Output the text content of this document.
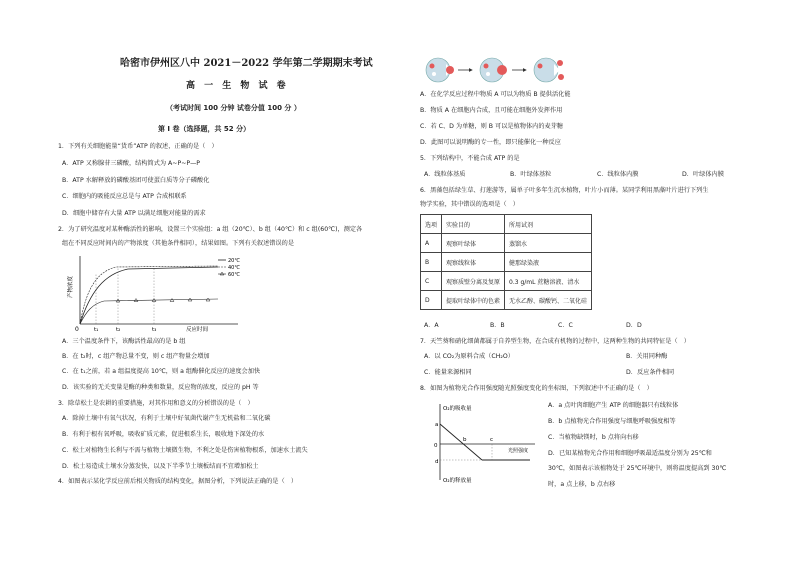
哈密市伊州区八中 2021－2022 学年第二学期期末考试
高 一 生 物 试 卷
（考试时间 100 分钟 试卷分值 100 分 ）
第 I 卷（选择题，共 52 分）
1．下列有关细胞能量“货币”ATP 的叙述，正确的是（　）
A．ATP 又称腺苷三磷酸，结构简式为 A~P~P—P
B．ATP 水解释放的磷酸基团可使蛋白质等分子磷酸化
C．细胞内的吸能反应总是与 ATP 合成相联系
D．细胞中储存有大量 ATP 以满足细胞对能量的需求
2．为了研究温度对某种酶活性的影响，设置三个实验组：a 组（20℃）、b 组（40℃）和 c 组(60℃)，测定各
组在不同反应时间内的产物浓度（其他条件相同），结果如图。下列有关叙述错误的是
产物浓度
0	t₁	t₂	t₃	反应时间
20℃
40℃
60℃
A．三个温度条件下，该酶活性最高的是 b 组
B．在 t₂时，c 组产物总量不变，则 c 组产物量会增加
C．在 t₁之前，若 a 组温度提高 10℃，则 a 组酶催化反应的速度会加快
D．该实验的无关变量是酶的种类和数量，反应物的浓度，反应的 pH 等
3．除草松土是农耕的重要措施，对其作用和意义的分析错误的是（　）
A．除掉土壤中有氧气状况，有利于土壤中好氧菌代谢产生无机盐和二氧化碳
B．有利于根有氧呼吸，吸收矿质元素，促进根系生长，吸收地下深处的水
C．松土对植物生长利与不需与植物土壤微生物，不利之处是伤害植物根系，加速水土流失
D．松土易造成土壤水分蒸发快，以及下半季节土壤板结而不宜增加松土
4．如图表示某化学反应前后相关物质的结构变化，据图分析，下列说法正确的是（　）
A．在化学反应过程中物质 A 可以为物质 B 提供活化能
B．物质 A 在细胞内合成，且可能在细胞外发挥作用
C．若 C、D 为单糖，则 B 可以是植物体内的麦芽糖
D．此图可以说明酶的专一性，即只能催化一种反应
5．下列结构中，不能合成 ATP 的是
A．线粒体基质	B．叶绿体基粒	C．线粒体内膜	D．叶绿体内膜
6．黑藻包括绿生草、打莲游等，属单子叶多年生沉水植物，叶片小而薄。某同学利用黑藻叶片进行下列生
物学实验，其中错误的选项是（　）
选项	实验目的	所用试剂
A	观察叶绿体	蒸馏水
B	观察线粒体	健那绿染液
C	观察质壁分离及复原	0.3 g/mL 蔗糖溶液、清水
D	提取叶绿体中的色素	无水乙醇、碳酸钙、二氧化硅
A．A	B．B	C．C	D．D
7．天竺葵和硝化细菌都属于自养型生物，在合成有机物的过程中，这两种生物的共同特征是（　）
A．以 CO₂为原料合成（CH₂O）	B．关用同种酶
C．能量来源相同	D．反应条件相同
8．如图为植物光合作用强度随光照强度变化的坐标图，下列叙述中不正确的是（　）
O₂的吸收量
O₂的释放量
光照强度
0
a
b	c
d
A．a 点叶肉细胞产生 ATP 的细胞器只有线粒体
B．b 点植物光合作用强度与细胞呼吸强度相等
C．当植物缺镁时，b 点将向右移
D．已知某植物光合作用和细胞呼吸最适温度分别为 25℃和
30℃，如图表示该植物处于 25℃环境中，则将温度提高到 30℃
时，a 点上移，b 点右移
